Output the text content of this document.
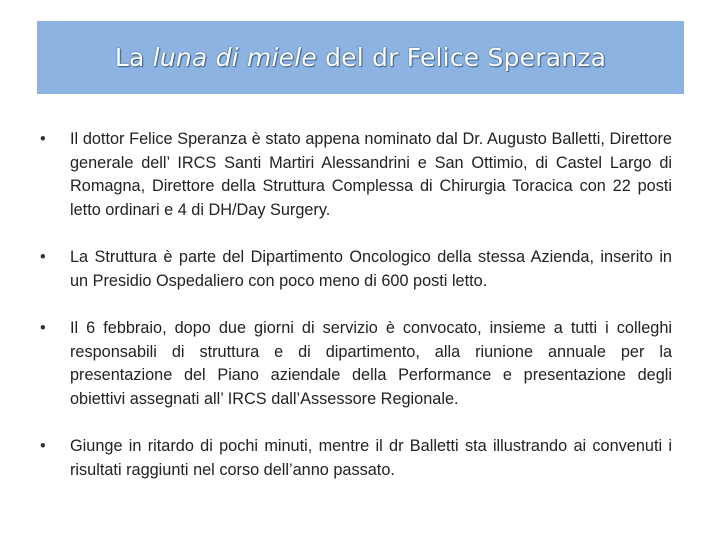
La luna di miele del dr Felice Speranza
• Il dottor Felice Speranza è stato appena nominato dal Dr. Augusto Balletti, Direttore generale dell’ IRCS Santi Martiri Alessandrini e San Ottimio, di Castel Largo di Romagna, Direttore della Struttura Complessa di Chirurgia Toracica con 22 posti letto ordinari e 4 di DH/Day Surgery.
• La Struttura è parte del Dipartimento Oncologico della stessa Azienda, inserito in un Presidio Ospedaliero con poco meno di 600 posti letto.
• Il 6 febbraio, dopo due giorni di servizio è convocato, insieme a tutti i colleghi responsabili di struttura e di dipartimento, alla riunione annuale per la presentazione del Piano aziendale della Performance e presentazione degli obiettivi assegnati all’ IRCS dall’Assessore Regionale.
• Giunge in ritardo di pochi minuti, mentre il dr Balletti sta illustrando ai convenuti i risultati raggiunti nel corso dell’anno passato.
